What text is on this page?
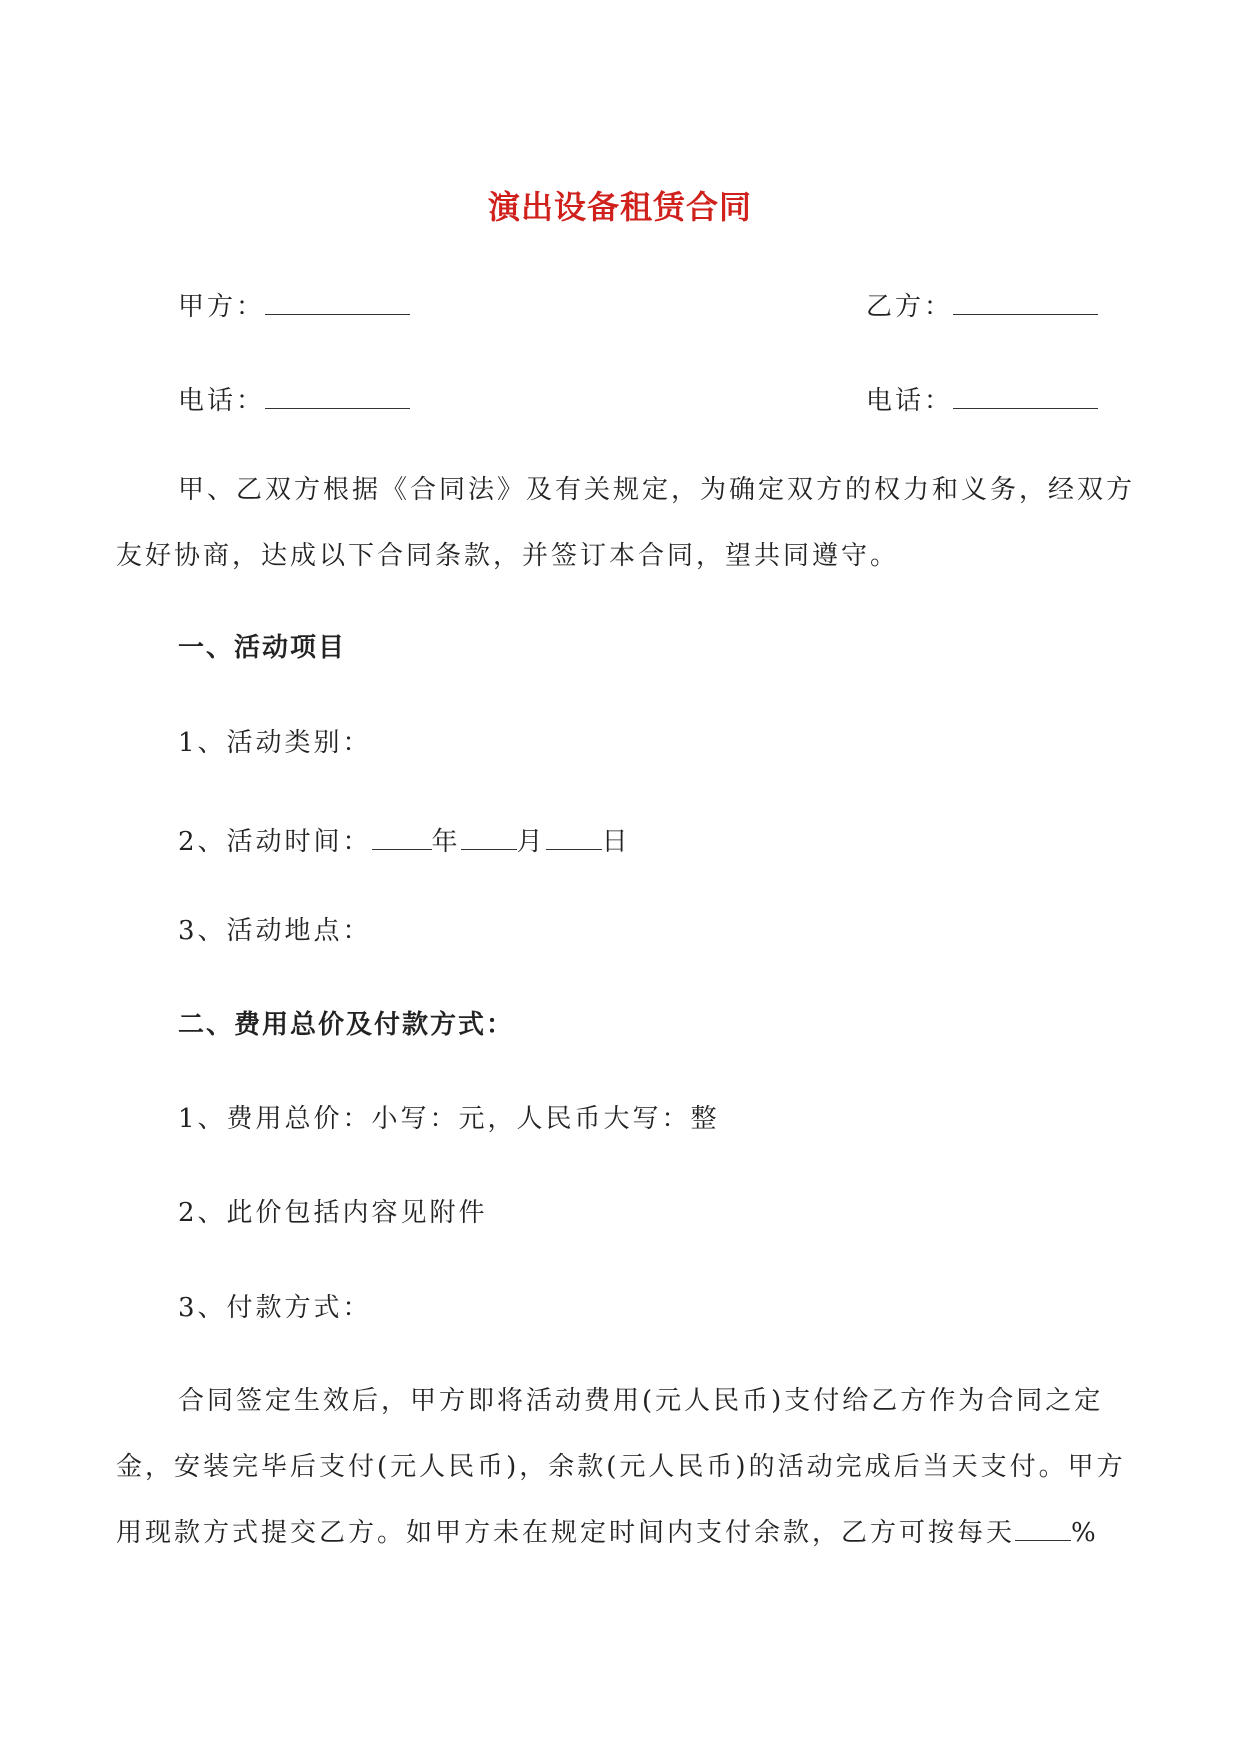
演出设备租赁合同
甲方：	乙方：
电话：	电话：
甲、乙双方根据《合同法》及有关规定，为确定双方的权力和义务，经双方友好协商，达成以下合同条款，并签订本合同，望共同遵守。
一、活动项目
1、活动类别：
2、活动时间： 年 月 日
3、活动地点：
二、费用总价及付款方式：
1、费用总价：小写：元，人民币大写：整
2、此价包括内容见附件
3、付款方式：
合同签定生效后，甲方即将活动费用(元人民币)支付给乙方作为合同之定金，安装完毕后支付(元人民币)，余款(元人民币)的活动完成后当天支付。甲方用现款方式提交乙方。如甲方未在规定时间内支付余款，乙方可按每天 %
